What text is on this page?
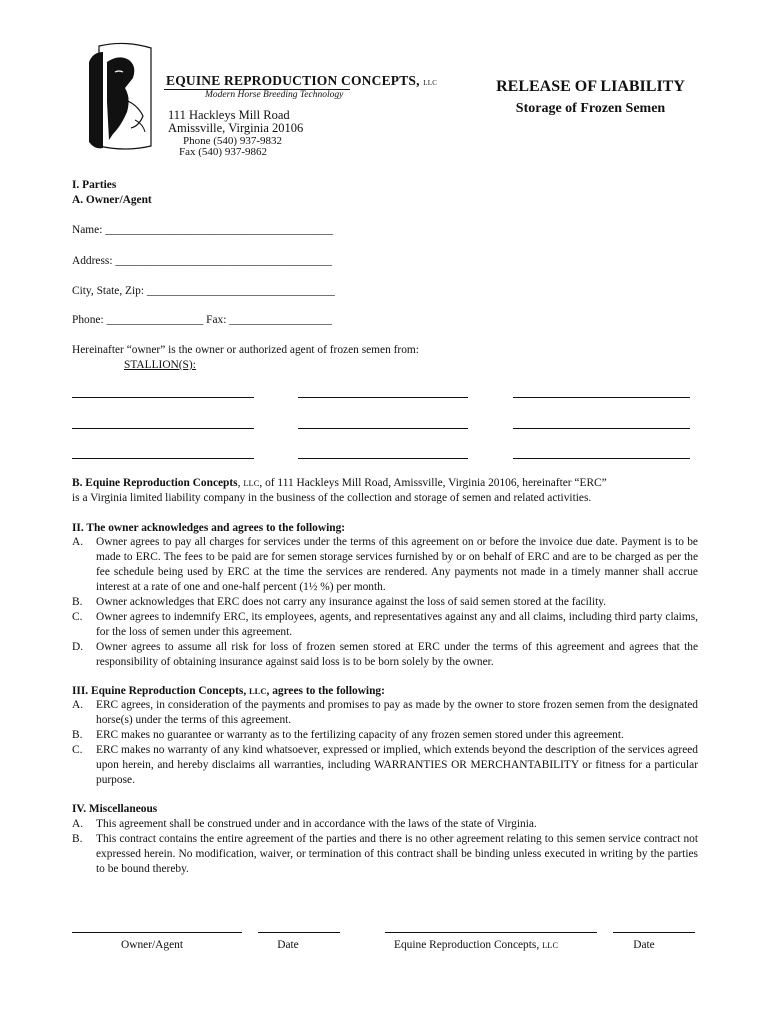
EQUINE REPRODUCTION CONCEPTS, LLC
Modern Horse Breeding Technology
111 Hackleys Mill Road
Amissville, Virginia 20106
Phone (540) 937-9832
Fax (540) 937-9862
RELEASE OF LIABILITY
Storage of Frozen Semen
I. Parties
A. Owner/Agent
Name: ________________________________________
Address: ______________________________________
City, State, Zip: _________________________________
Phone: _________________ Fax: __________________
Hereinafter “owner” is the owner or authorized agent of frozen semen from:
STALLION(S):
B. Equine Reproduction Concepts, LLC, of 111 Hackleys Mill Road, Amissville, Virginia 20106, hereinafter “ERC”
is a Virginia limited liability company in the business of the collection and storage of semen and related activities.
II. The owner acknowledges and agrees to the following:
A. Owner agrees to pay all charges for services under the terms of this agreement on or before the invoice due date. Payment is to be made to ERC. The fees to be paid are for semen storage services furnished by or on behalf of ERC and are to be charged as per the fee schedule being used by ERC at the time the services are rendered. Any payments not made in a timely manner shall accrue interest at a rate of one and one-half percent (1½ %) per month.
B. Owner acknowledges that ERC does not carry any insurance against the loss of said semen stored at the facility.
C. Owner agrees to indemnify ERC, its employees, agents, and representatives against any and all claims, including third party claims, for the loss of semen under this agreement.
D. Owner agrees to assume all risk for loss of frozen semen stored at ERC under the terms of this agreement and agrees that the responsibility of obtaining insurance against said loss is to be born solely by the owner.
III. Equine Reproduction Concepts, LLC, agrees to the following:
A. ERC agrees, in consideration of the payments and promises to pay as made by the owner to store frozen semen from the designated horse(s) under the terms of this agreement.
B. ERC makes no guarantee or warranty as to the fertilizing capacity of any frozen semen stored under this agreement.
C. ERC makes no warranty of any kind whatsoever, expressed or implied, which extends beyond the description of the services agreed upon herein, and hereby disclaims all warranties, including WARRANTIES OR MERCHANTABILITY or fitness for a particular purpose.
IV. Miscellaneous
A. This agreement shall be construed under and in accordance with the laws of the state of Virginia.
B. This contract contains the entire agreement of the parties and there is no other agreement relating to this semen service contract not expressed herein. No modification, waiver, or termination of this contract shall be binding unless executed in writing by the parties to be bound thereby.
Owner/Agent	Date	Equine Reproduction Concepts, LLC	Date
